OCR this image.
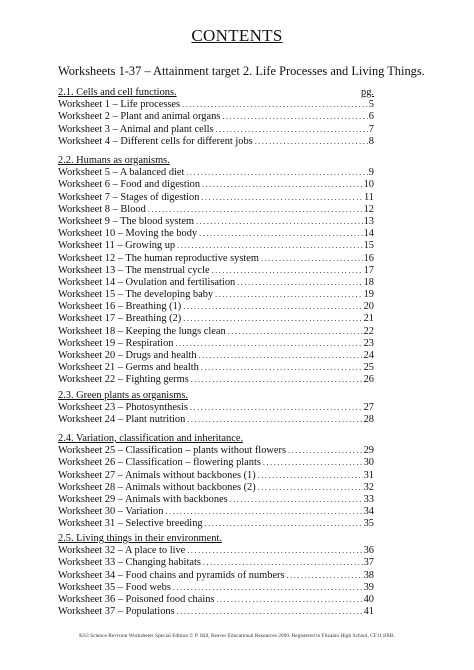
CONTENTS
Worksheets 1-37 – Attainment target 2. Life Processes and Living Things.
2.1. Cells and cell functions.	pg.
Worksheet 1 – Life processes .....	5
Worksheet 2 – Plant and animal organs .....	6
Worksheet 3 – Animal and plant cells .....	7
Worksheet 4 – Different cells for different jobs .....	8
2.2. Humans as organisms.
Worksheet 5 – A balanced diet .....	9
Worksheet 6 – Food and digestion .....	10
Worksheet 7 – Stages of digestion .....	11
Worksheet 8 – Blood .....	12
Worksheet 9 – The blood system .....	13
Worksheet 10 – Moving the body .....	14
Worksheet 11 – Growing up .....	15
Worksheet 12 – The human reproductive system .....	16
Worksheet 13 – The menstrual cycle .....	17
Worksheet 14 – Ovulation and fertilisation .....	18
Worksheet 15 – The developing baby .....	19
Worksheet 16 – Breathing (1) .....	20
Worksheet 17 – Breathing (2) .....	21
Worksheet 18 – Keeping the lungs clean .....	22
Worksheet 19 – Respiration .....	23
Worksheet 20 – Drugs and health .....	24
Worksheet 21 – Germs and health .....	25
Worksheet 22 – Fighting germs .....	26
2.3. Green plants as organisms.
Worksheet 23 – Photosynthesis .....	27
Worksheet 24 – Plant nutrition .....	28
2.4. Variation, classification and inheritance.
Worksheet 25 – Classification – plants without flowers .....	29
Worksheet 26 – Classification – flowering plants .....	30
Worksheet 27 – Animals without backbones (1) .....	31
Worksheet 28 – Animals without backbones (2) .....	32
Worksheet 29 – Animals with backbones .....	33
Worksheet 30 – Variation .....	34
Worksheet 31 – Selective breeding .....	35
2.5. Living things in their environment.
Worksheet 32 – A place to live .....	36
Worksheet 33 – Changing habitats .....	37
Worksheet 34 – Food chains and pyramids of numbers .....	38
Worksheet 35 – Food webs .....	39
Worksheet 36 – Poisoned food chains .....	40
Worksheet 37 – Populations .....	41
KS3 Science Revision Worksheets Special Edition © P. Hill, Beaver Educational Resources 2000. Registered to Fitzalan High School, CF11 8XB.
